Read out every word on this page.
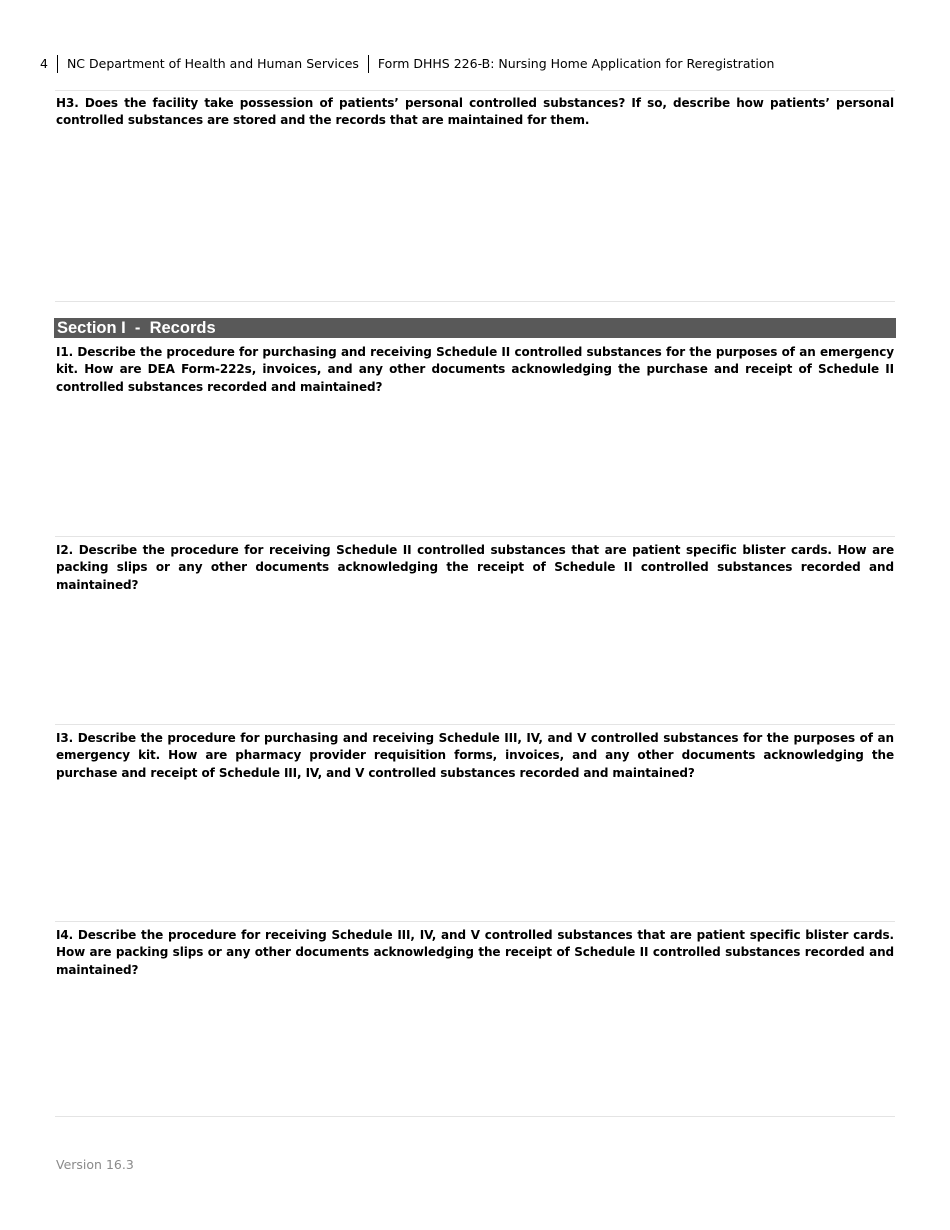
4 NC Department of Health and Human Services Form DHHS 226-B: Nursing Home Application for Reregistration

H3. Does the facility take possession of patients’ personal controlled substances? If so, describe how patients’ personal controlled substances are stored and the records that are maintained for them.

Section I  -  Records

I1. Describe the procedure for purchasing and receiving Schedule II controlled substances for the purposes of an emergency kit. How are DEA Form-222s, invoices, and any other documents acknowledging the purchase and receipt of Schedule II controlled substances recorded and maintained?

I2. Describe the procedure for receiving Schedule II controlled substances that are patient specific blister cards. How are packing slips or any other documents acknowledging the receipt of Schedule II controlled substances recorded and maintained?

I3. Describe the procedure for purchasing and receiving Schedule III, IV, and V controlled substances for the purposes of an emergency kit. How are pharmacy provider requisition forms, invoices, and any other documents acknowledging the purchase and receipt of Schedule III, IV, and V controlled substances recorded and maintained?

I4. Describe the procedure for receiving Schedule III, IV, and V controlled substances that are patient specific blister cards. How are packing slips or any other documents acknowledging the receipt of Schedule II controlled substances recorded and maintained?

Version 16.3
